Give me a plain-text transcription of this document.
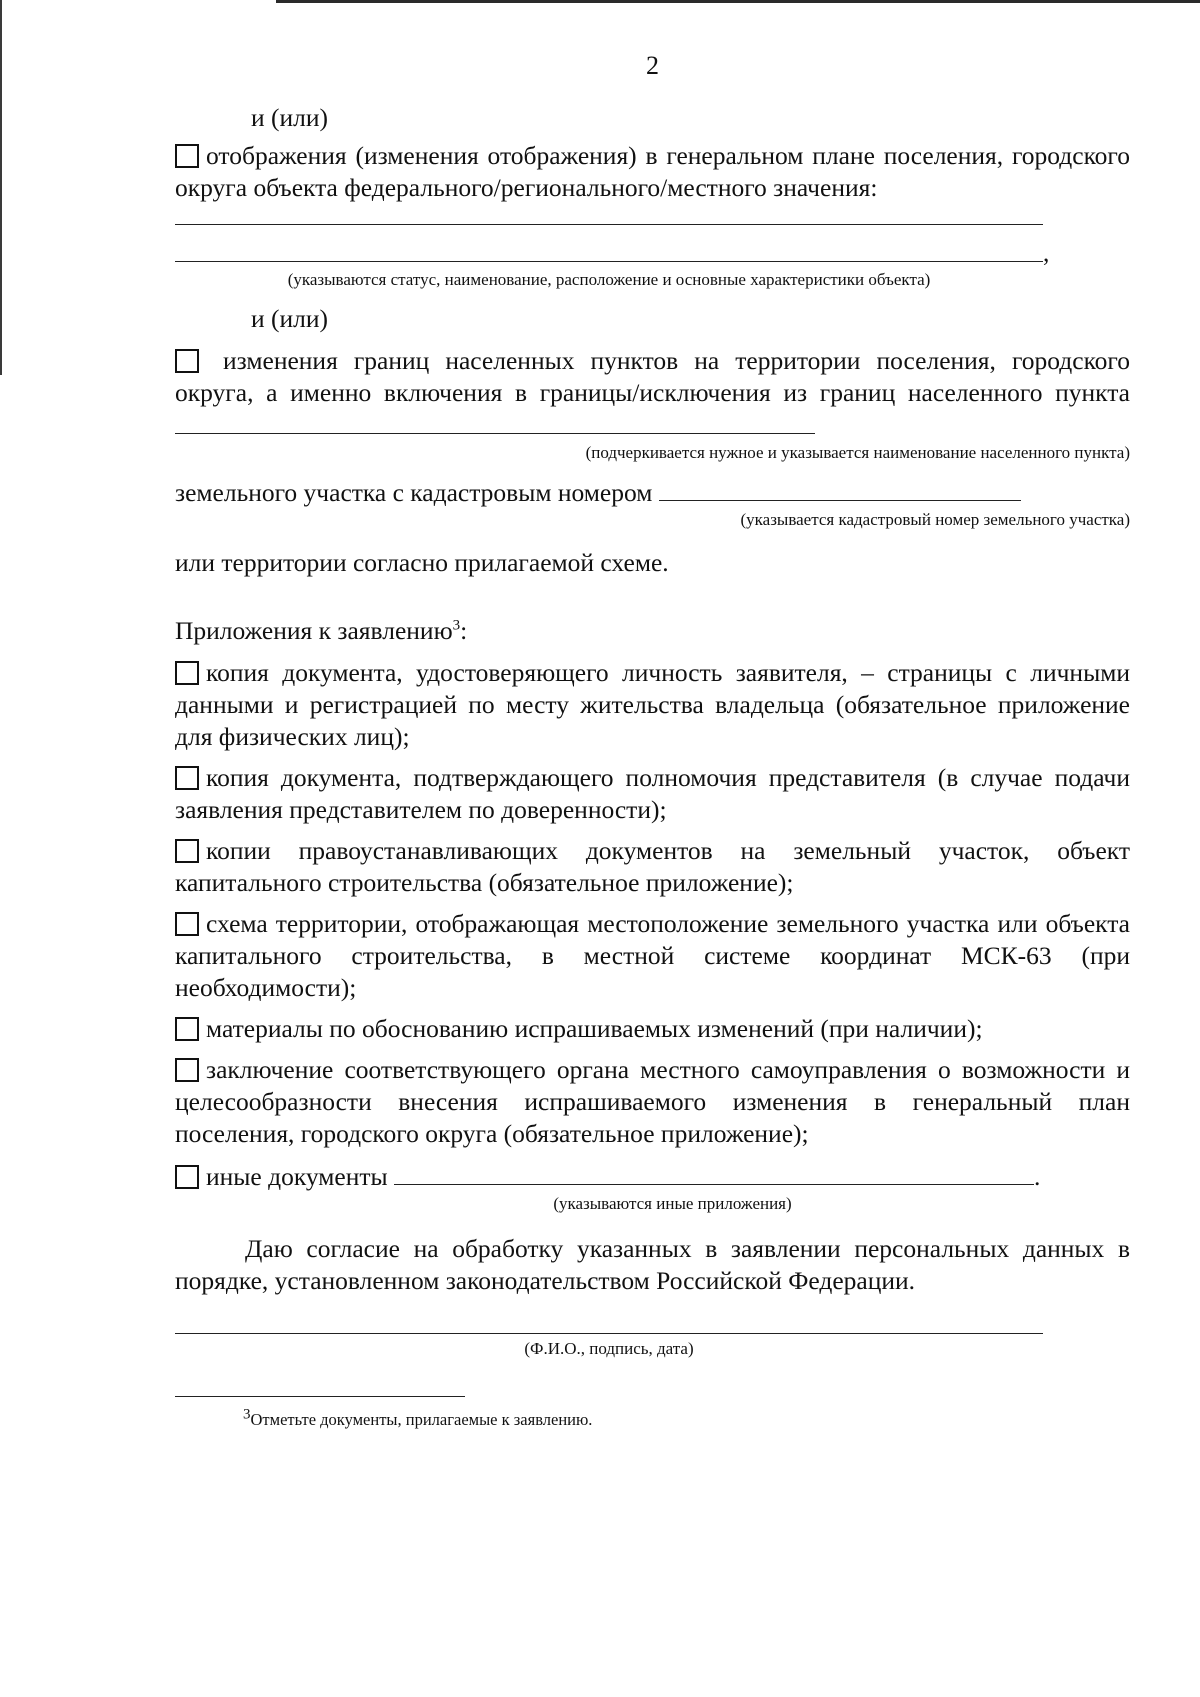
2

и (или)

отображения (изменения отображения) в генеральном плане поселения, городского округа объекта федерального/регионального/местного значения:

,
(указываются статус, наименование, расположение и основные характеристики объекта)

и (или)

изменения границ населенных пунктов на территории поселения, городского округа, а именно включения в границы/исключения из границ населенного пункта

(подчеркивается нужное и указывается наименование населенного пункта)

земельного участка с кадастровым номером

(указывается кадастровый номер земельного участка)

или территории согласно прилагаемой схеме.

Приложения к заявлению$^3$:

копия документа, удостоверяющего личность заявителя, – страницы с личными данными и регистрацией по месту жительства владельца (обязательное приложение для физических лиц);

копия документа, подтверждающего полномочия представителя (в случае подачи заявления представителем по доверенности);

копии правоустанавливающих документов на земельный участок, объект капитального строительства (обязательное приложение);

схема территории, отображающая местоположение земельного участка или объекта капитального строительства, в местной системе координат МСК-63 (при необходимости);

материалы по обоснованию испрашиваемых изменений (при наличии);

заключение соответствующего органа местного самоуправления о возможности и целесообразности внесения испрашиваемого изменения в генеральный план поселения, городского округа (обязательное приложение);

иные документы	.

(указываются иные приложения)

Даю согласие на обработку указанных в заявлении персональных данных в порядке, установленном законодательством Российской Федерации.

(Ф.И.О., подпись, дата)
$^3$Отметьте документы, прилагаемые к заявлению.
